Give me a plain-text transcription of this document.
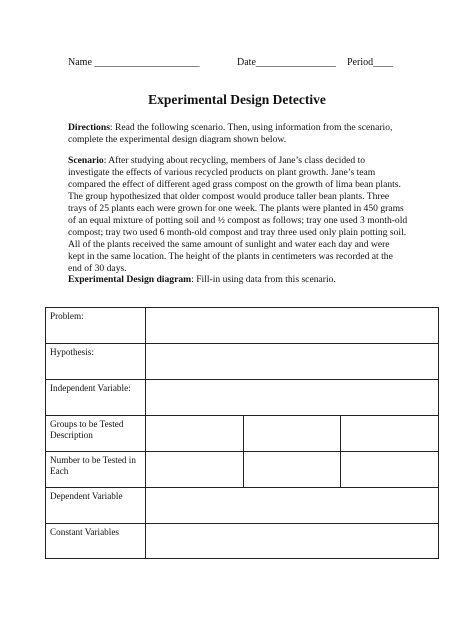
Name _____________________	Date________________ Period____
Experimental Design Detective
Directions: Read the following scenario. Then, using information from the scenario, complete the experimental design diagram shown below.
Scenario: After studying about recycling, members of Jane’s class decided to investigate the effects of various recycled products on plant growth. Jane’s team compared the effect of different aged grass compost on the growth of lima bean plants. The group hypothesized that older compost would produce taller bean plants. Three trays of 25 plants each were grown for one week. The plants were planted in 450 grams of an equal mixture of potting soil and ½ compost as follows; tray one used 3 month-old compost; tray two used 6 month-old compost and tray three used only plain potting soil. All of the plants received the same amount of sunlight and water each day and were kept in the same location. The height of the plants in centimeters was recorded at the end of 30 days.
Experimental Design diagram: Fill-in using data from this scenario.
Problem:			
Hypothesis:			
Independent Variable:			
Groups to be Tested Description			
Number to be Tested in Each			
Dependent Variable			
Constant Variables			
